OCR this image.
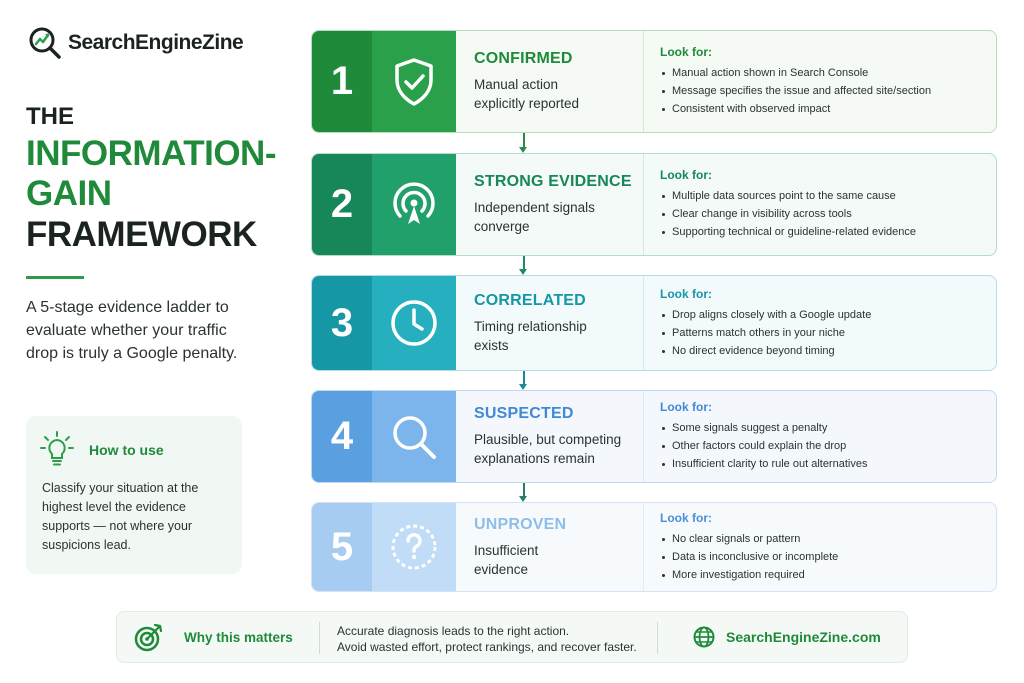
SearchEngineZine
THE
INFORMATION-
GAIN
FRAMEWORK

A 5-stage evidence ladder to evaluate whether your traffic drop is truly a Google penalty.

How to use

Classify your situation at the highest level the evidence supports — not where your suspicions lead.

1
CONFIRMED
Manual action
explicitly reported
Look for:
Manual action shown in Search Console
Message specifies the issue and affected site/section
Consistent with observed impact
2
STRONG EVIDENCE
Independent signals
converge
Look for:
Multiple data sources point to the same cause
Clear change in visibility across tools
Supporting technical or guideline-related evidence
3
CORRELATED
Timing relationship
exists
Look for:
Drop aligns closely with a Google update
Patterns match others in your niche
No direct evidence beyond timing
4
SUSPECTED
Plausible, but competing
explanations remain
Look for:
Some signals suggest a penalty
Other factors could explain the drop
Insufficient clarity to rule out alternatives
5
UNPROVEN
Insufficient
evidence
Look for:
No clear signals or pattern
Data is inconclusive or incomplete
More investigation required
Why this matters	Accurate diagnosis leads to the right action.
Avoid wasted effort, protect rankings, and recover faster.
SearchEngineZine.com
